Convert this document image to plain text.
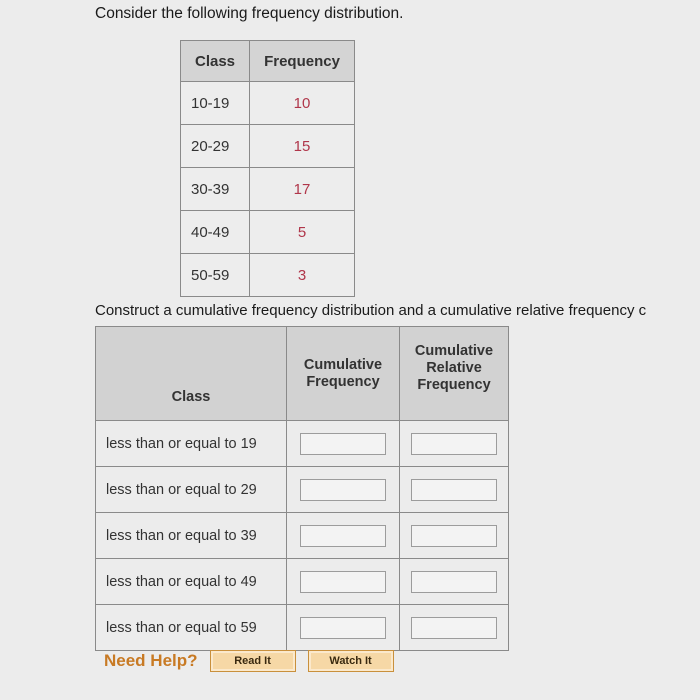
Consider the following frequency distribution.
Class	Frequency
10-19	10
20-29	15
30-39	17
40-49	5
50-59	3
Construct a cumulative frequency distribution and a cumulative relative frequency c
Class	Cumulative Frequency	Cumulative Relative Frequency
less than or equal to 19		
less than or equal to 29		
less than or equal to 39		
less than or equal to 49		
less than or equal to 59		
Need Help?	Read It	Watch It
